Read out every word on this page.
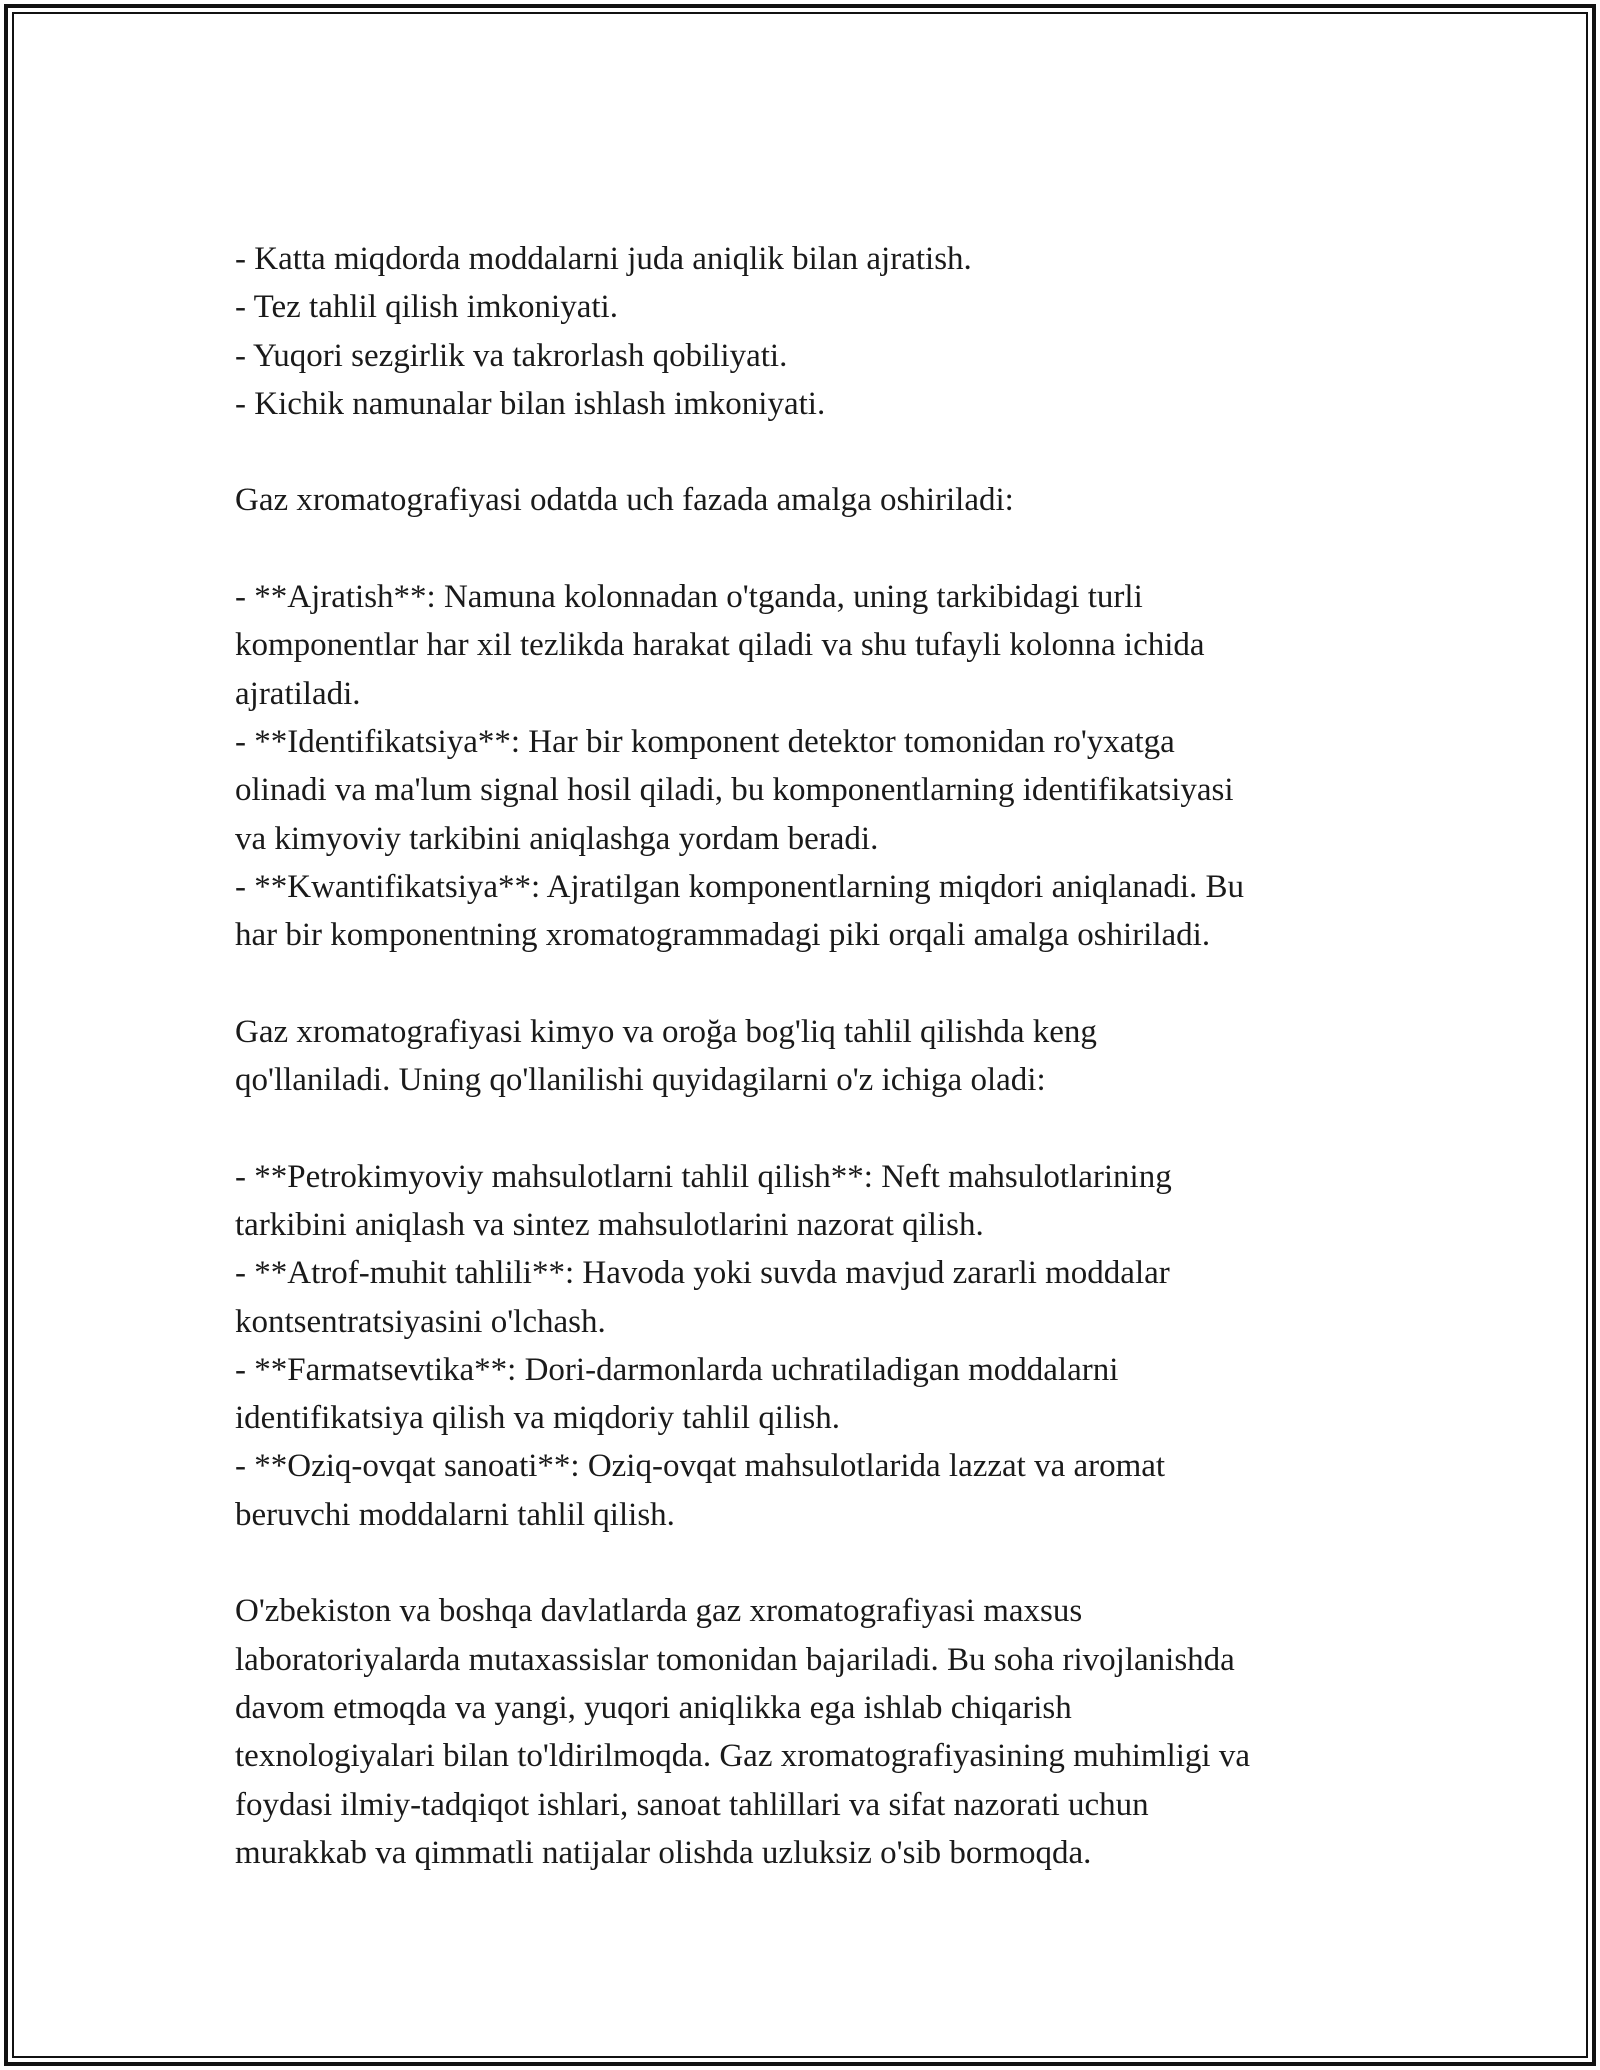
- Katta miqdorda moddalarni juda aniqlik bilan ajratish.

- Tez tahlil qilish imkoniyati.

- Yuqori sezgirlik va takrorlash qobiliyati.

- Kichik namunalar bilan ishlash imkoniyati.

Gaz xromatografiyasi odatda uch fazada amalga oshiriladi:

- **Ajratish**: Namuna kolonnadan o'tganda, uning tarkibidagi turli

komponentlar har xil tezlikda harakat qiladi va shu tufayli kolonna ichida

ajratiladi.

- **Identifikatsiya**: Har bir komponent detektor tomonidan ro'yxatga

olinadi va ma'lum signal hosil qiladi, bu komponentlarning identifikatsiyasi

va kimyoviy tarkibini aniqlashga yordam beradi.

- **Kwantifikatsiya**: Ajratilgan komponentlarning miqdori aniqlanadi. Bu

har bir komponentning xromatogrammadagi piki orqali amalga oshiriladi.

Gaz xromatografiyasi kimyo va oroğa bog'liq tahlil qilishda keng

qo'llaniladi. Uning qo'llanilishi quyidagilarni o'z ichiga oladi:

- **Petrokimyoviy mahsulotlarni tahlil qilish**: Neft mahsulotlarining

tarkibini aniqlash va sintez mahsulotlarini nazorat qilish.

- **Atrof-muhit tahlili**: Havoda yoki suvda mavjud zararli moddalar

kontsentratsiyasini o'lchash.

- **Farmatsevtika**: Dori-darmonlarda uchratiladigan moddalarni

identifikatsiya qilish va miqdoriy tahlil qilish.

- **Oziq-ovqat sanoati**: Oziq-ovqat mahsulotlarida lazzat va aromat

beruvchi moddalarni tahlil qilish.

O'zbekiston va boshqa davlatlarda gaz xromatografiyasi maxsus

laboratoriyalarda mutaxassislar tomonidan bajariladi. Bu soha rivojlanishda

davom etmoqda va yangi, yuqori aniqlikka ega ishlab chiqarish

texnologiyalari bilan to'ldirilmoqda. Gaz xromatografiyasining muhimligi va

foydasi ilmiy-tadqiqot ishlari, sanoat tahlillari va sifat nazorati uchun

murakkab va qimmatli natijalar olishda uzluksiz o'sib bormoqda.
